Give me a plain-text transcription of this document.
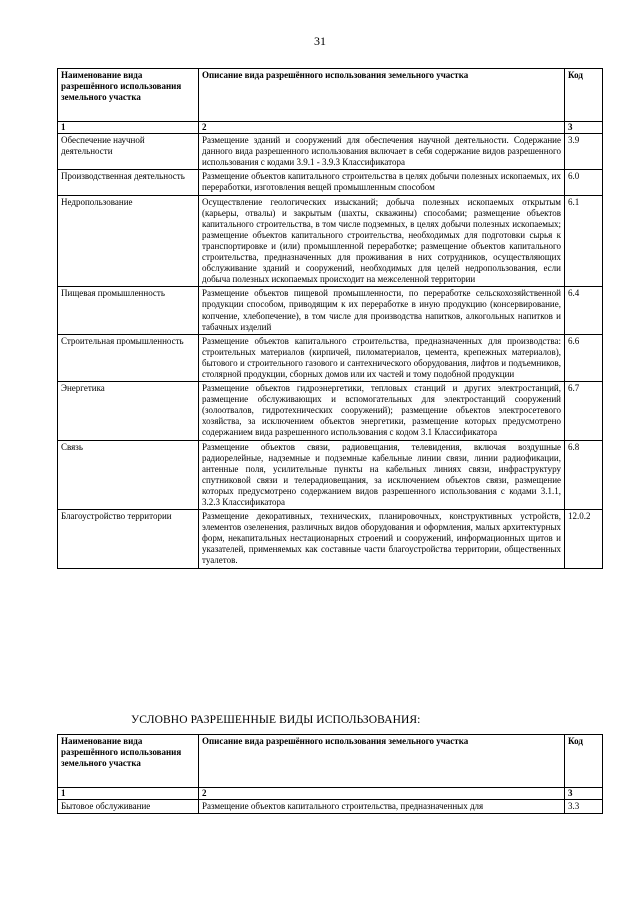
31
Наименование вида разрешённого использования земельного участка	Описание вида разрешённого использования земельного участка	Код
1	2	3
Обеспечение научной деятельности	Размещение зданий и сооружений для обеспечения научной деятельности. Содержание данного вида разрешенного использования включает в себя содержание видов разрешенного использования с кодами 3.9.1 - 3.9.3 Классификатора	3.9
Производственная деятельность	Размещение объектов капитального строительства в целях добычи полезных ископаемых, их переработки, изготовления вещей промышленным способом	6.0
Недропользование	Осуществление геологических изысканий; добыча полезных ископаемых открытым (карьеры, отвалы) и закрытым (шахты, скважины) способами; размещение объектов капитального строительства, в том числе подземных, в целях добычи полезных ископаемых; размещение объектов капитального строительства, необходимых для подготовки сырья к транспортировке и (или) промышленной переработке; размещение объектов капитального строительства, предназначенных для проживания в них сотрудников, осуществляющих обслуживание зданий и сооружений, необходимых для целей недропользования, если добыча полезных ископаемых происходит на межселенной территории	6.1
Пищевая промышленность	Размещение объектов пищевой промышленности, по переработке сельскохозяйственной продукции способом, приводящим к их переработке в иную продукцию (консервирование, копчение, хлебопечение), в том числе для производства напитков, алкогольных напитков и табачных изделий	6.4
Строительная промышленность	Размещение объектов капитального строительства, предназначенных для производства: строительных материалов (кирпичей, пиломатериалов, цемента, крепежных материалов), бытового и строительного газового и сантехнического оборудования, лифтов и подъемников, столярной продукции, сборных домов или их частей и тому подобной продукции	6.6
Энергетика	Размещение объектов гидроэнергетики, тепловых станций и других электростанций, размещение обслуживающих и вспомогательных для электростанций сооружений (золоотвалов, гидротехнических сооружений); размещение объектов электросетевого хозяйства, за исключением объектов энергетики, размещение которых предусмотрено содержанием вида разрешенного использования с кодом 3.1 Классификатора	6.7
Связь	Размещение объектов связи, радиовещания, телевидения, включая воздушные радиорелейные, надземные и подземные кабельные линии связи, линии радиофикации, антенные поля, усилительные пункты на кабельных линиях связи, инфраструктуру спутниковой связи и телерадиовещания, за исключением объектов связи, размещение которых предусмотрено содержанием видов разрешенного использования с кодами 3.1.1, 3.2.3 Классификатора	6.8
Благоустройство территории	Размещение декоративных, технических, планировочных, конструктивных устройств, элементов озеленения, различных видов оборудования и оформления, малых архитектурных форм, некапитальных нестационарных строений и сооружений, информационных щитов и указателей, применяемых как составные части благоустройства территории, общественных туалетов.	12.0.2
УСЛОВНО РАЗРЕШЕННЫЕ ВИДЫ ИСПОЛЬЗОВАНИЯ:
Наименование вида разрешённого использования земельного участка	Описание вида разрешённого использования земельного участка	Код
1	2	3
Бытовое обслуживание	Размещение объектов капитального строительства, предназначенных для	3.3
